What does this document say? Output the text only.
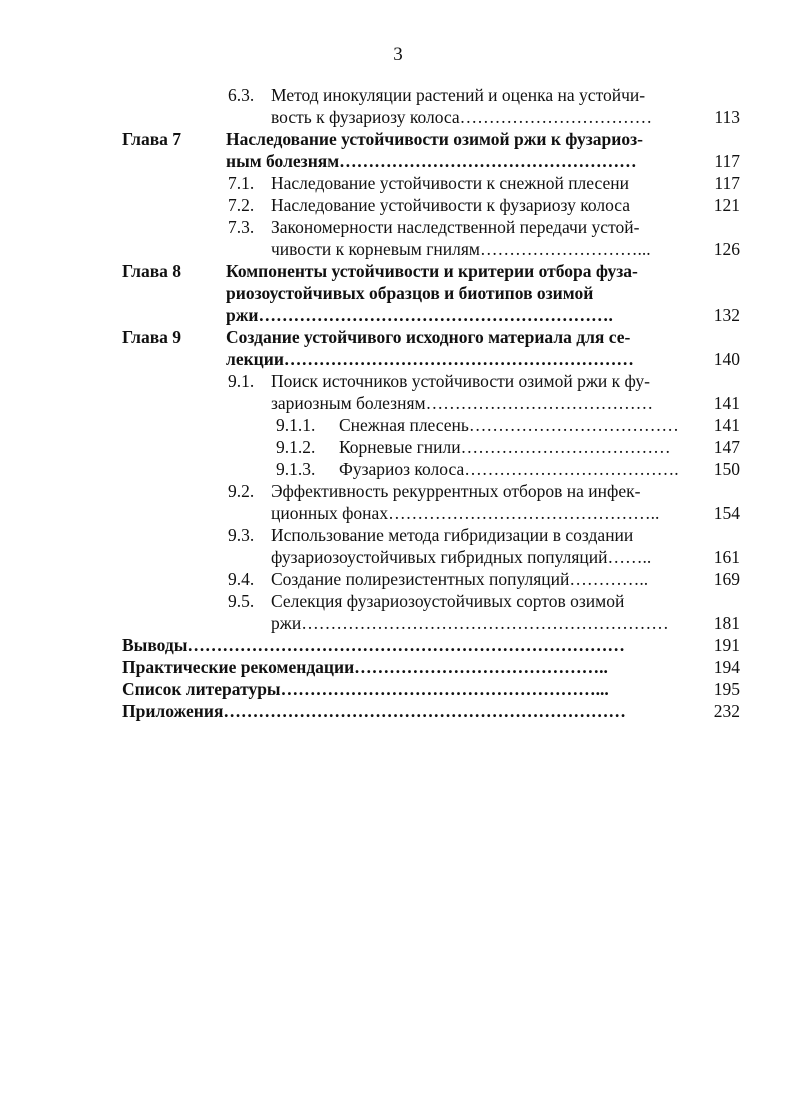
3
6.3. Метод инокуляции растений и оценка на устойчи-
вость к фузариозу колоса……………………………	113
Глава 7	Наследование устойчивости озимой ржи к фузариоз-
ным болезням……………………………………………	117
7.1. Наследование устойчивости к снежной плесени	117
7.2. Наследование устойчивости к фузариозу колоса	121
7.3. Закономерности наследственной передачи устой-
чивости к корневым гнилям………………………...	126
Глава 8	Компоненты устойчивости и критерии отбора фуза-
риозоустойчивых образцов и биотипов озимой
ржи…………………………………………………….	132
Глава 9	Создание устойчивого исходного материала для се-
лекции……………………………………………………	140
9.1. Поиск источников устойчивости озимой ржи к фу-
зариозным болезням…………………………………	141
9.1.1. Снежная плесень………………………………	141
9.1.2. Корневые гнили………………………………	147
9.1.3. Фузариоз колоса……………………………….	150
9.2. Эффективность рекуррентных отборов на инфек-
ционных фонах………………………………………..	154
9.3. Использование метода гибридизации в создании
фузариозоустойчивых гибридных популяций……..	161
9.4. Создание полирезистентных популяций…………..	169
9.5. Селекция фузариозоустойчивых сортов озимой
ржи………………………………………………………	181
Выводы…………………………………………………………………	191
Практические рекомендации……………………………………..	194
Список литературы………………………………………………...	195
Приложения……………………………………………………………	232
